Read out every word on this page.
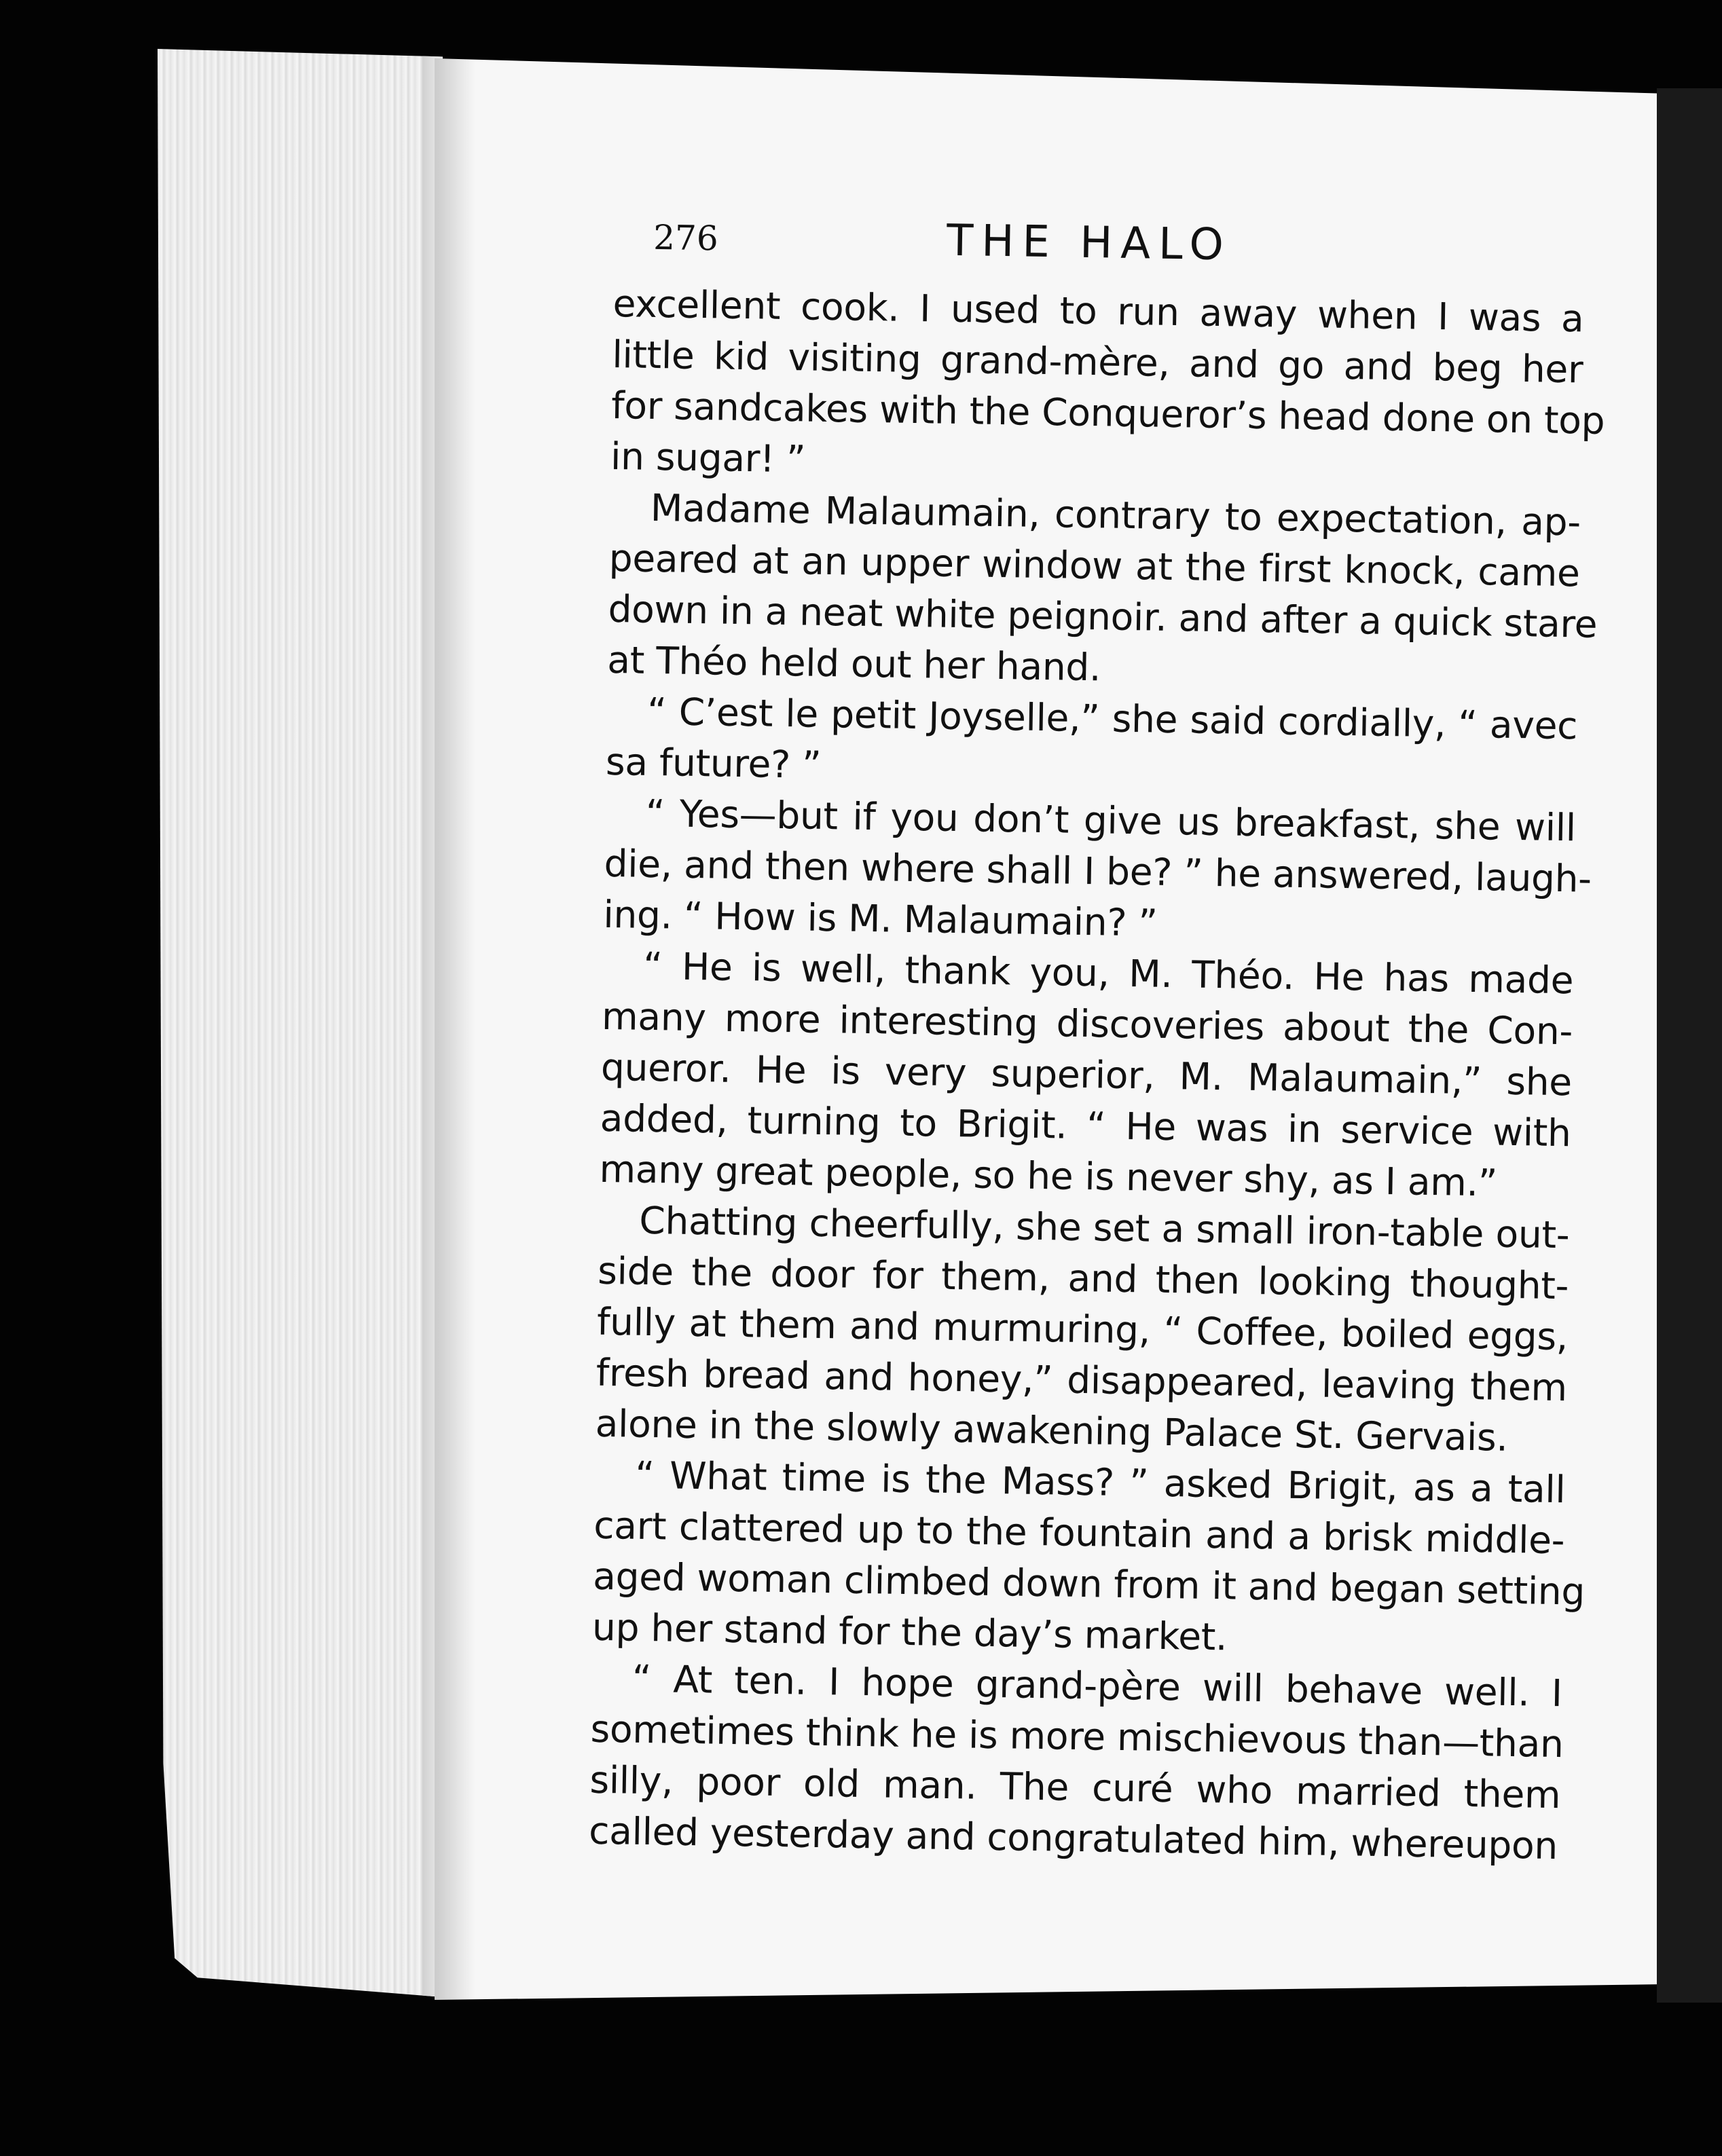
276	THE HALO
excellent cook. I used to run away when I was a
little kid visiting grand-mère, and go and beg her
for sandcakes with the Conqueror’s head done on top
in sugar! ”
Madame Malaumain, contrary to expectation, ap-
peared at an upper window at the first knock, came
down in a neat white peignoir. and after a quick stare
at Théo held out her hand.
“ C’est le petit Joyselle,” she said cordially, “ avec
sa future? ”
“ Yes—but if you don’t give us breakfast, she will
die, and then where shall I be? ” he answered, laugh-
ing. “ How is M. Malaumain? ”
“ He is well, thank you, M. Théo. He has made
many more interesting discoveries about the Con-
queror. He is very superior, M. Malaumain,” she
added, turning to Brigit. “ He was in service with
many great people, so he is never shy, as I am.”
Chatting cheerfully, she set a small iron-table out-
side the door for them, and then looking thought-
fully at them and murmuring, “ Coffee, boiled eggs,
fresh bread and honey,” disappeared, leaving them
alone in the slowly awakening Palace St. Gervais.
“ What time is the Mass? ” asked Brigit, as a tall
cart clattered up to the fountain and a brisk middle-
aged woman climbed down from it and began setting
up her stand for the day’s market.
“ At ten. I hope grand-père will behave well. I
sometimes think he is more mischievous than—than
silly, poor old man. The curé who married them
called yesterday and congratulated him, whereupon
